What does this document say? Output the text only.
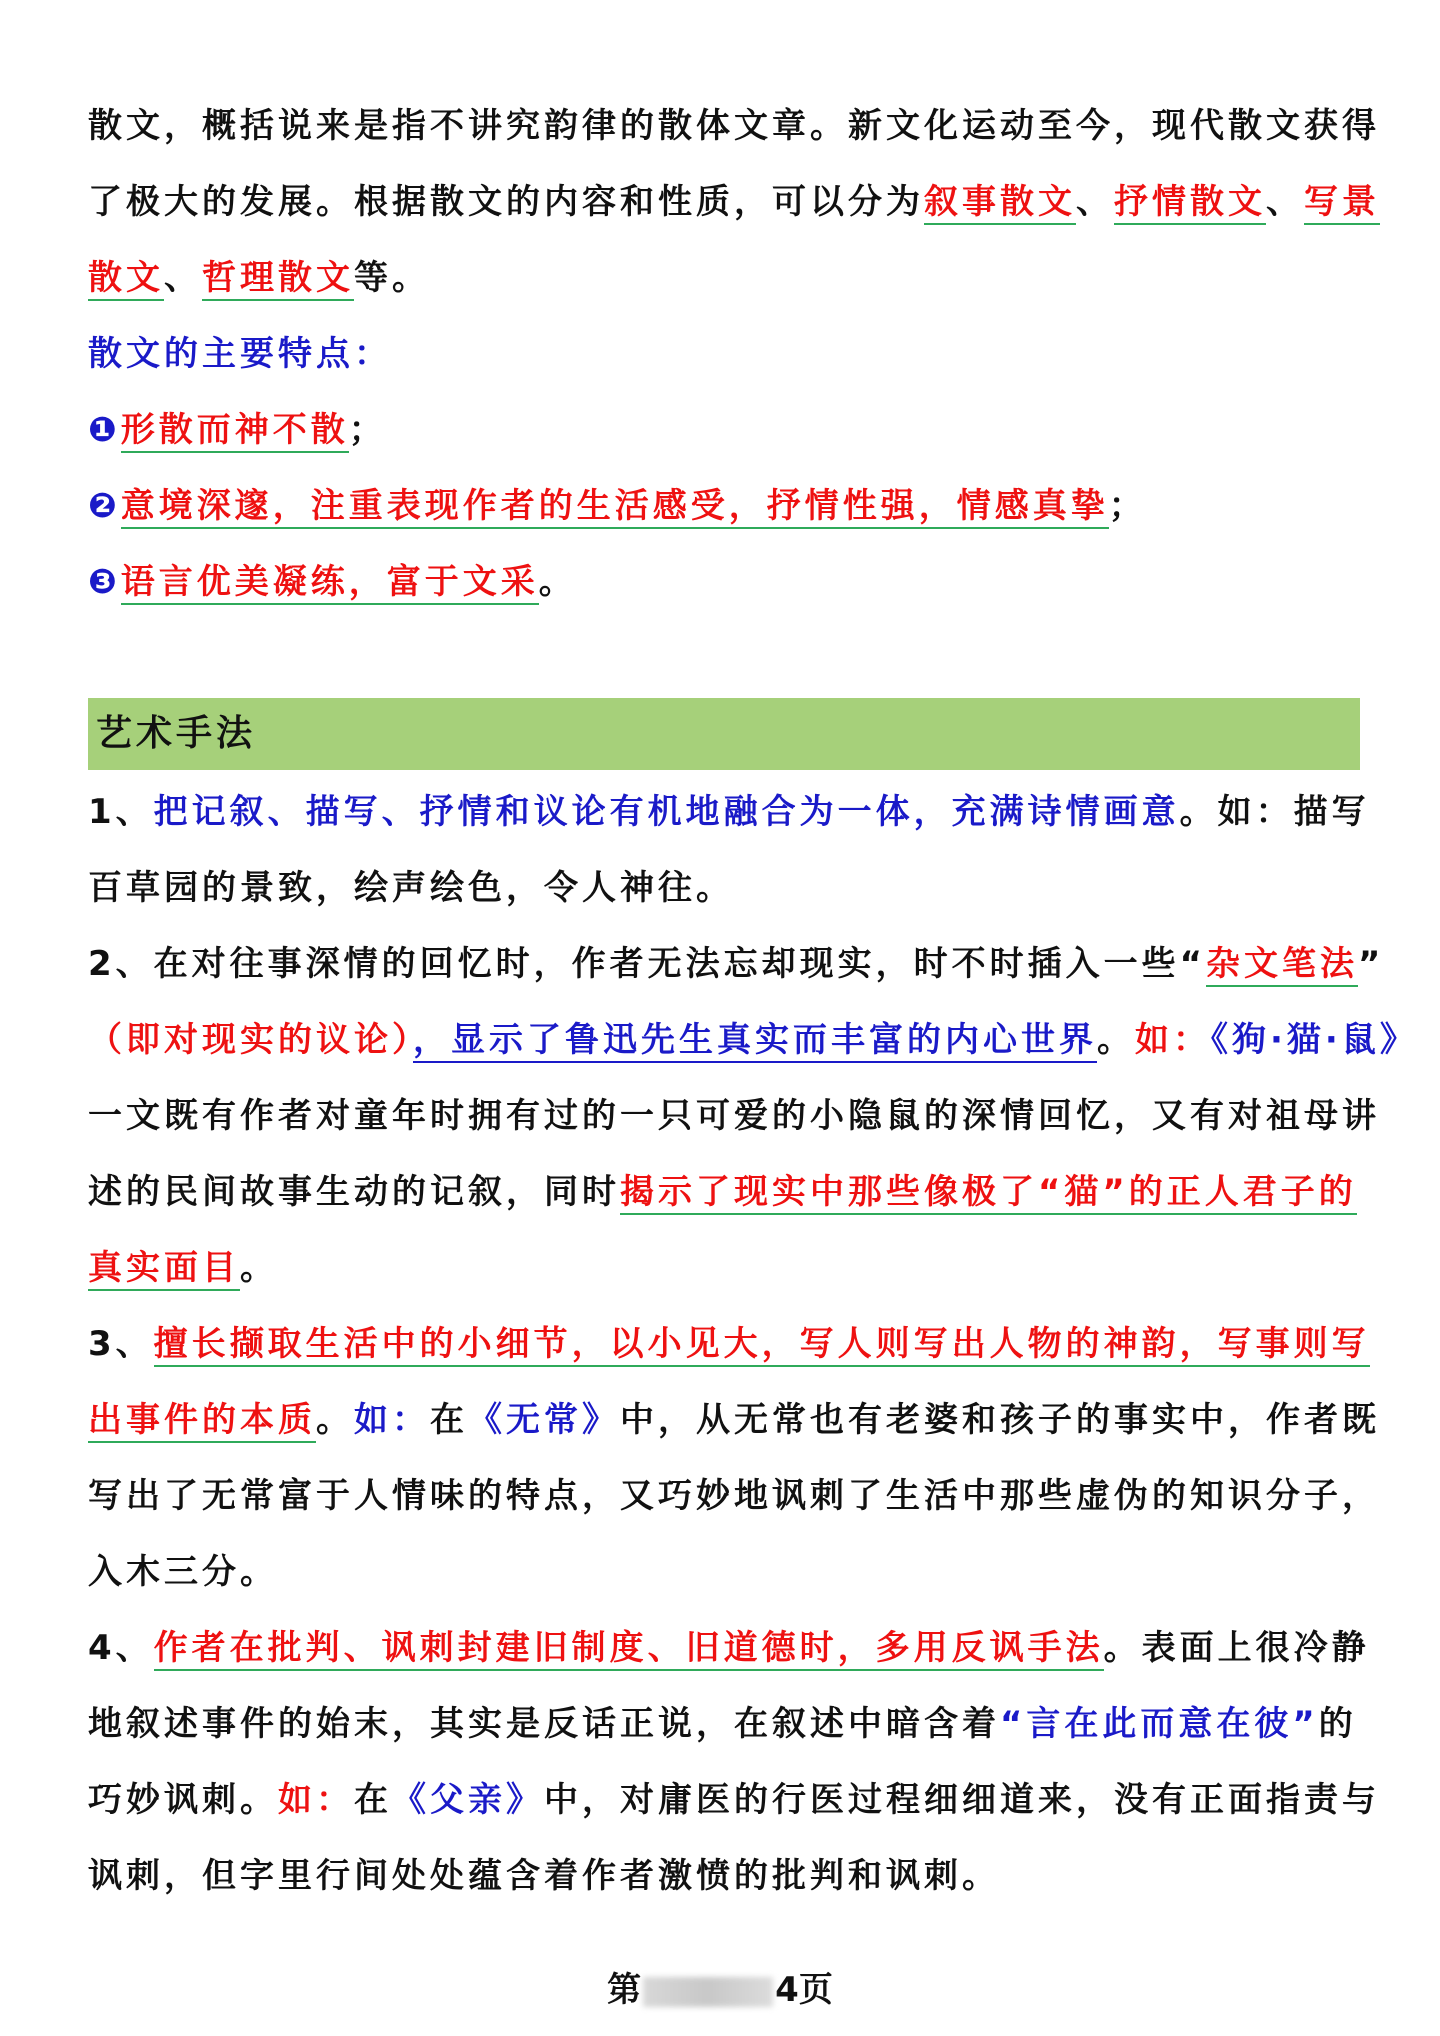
散文，概括说来是指不讲究韵律的散体文章。新文化运动至今，现代散文获得
了极大的发展。根据散文的内容和性质，可以分为叙事散文、抒情散文、写景
散文、哲理散文等。
散文的主要特点：
❶形散而神不散；
❷意境深邃，注重表现作者的生活感受，抒情性强，情感真挚；
❸语言优美凝练，富于文采。
艺术手法
1、把记叙、描写、抒情和议论有机地融合为一体，充满诗情画意。如：描写
百草园的景致，绘声绘色，令人神往。
2、在对往事深情的回忆时，作者无法忘却现实，时不时插入一些“杂文笔法”
（即对现实的议论），显示了鲁迅先生真实而丰富的内心世界。如：《狗·猫·鼠》
一文既有作者对童年时拥有过的一只可爱的小隐鼠的深情回忆，又有对祖母讲
述的民间故事生动的记叙，同时揭示了现实中那些像极了“猫”的正人君子的
真实面目。
3、擅长撷取生活中的小细节，以小见大，写人则写出人物的神韵，写事则写
出事件的本质。如：在《无常》中，从无常也有老婆和孩子的事实中，作者既
写出了无常富于人情味的特点，又巧妙地讽刺了生活中那些虚伪的知识分子，
入木三分。
4、作者在批判、讽刺封建旧制度、旧道德时，多用反讽手法。表面上很冷静
地叙述事件的始末，其实是反话正说，在叙述中暗含着“言在此而意在彼”的
巧妙讽刺。如：在《父亲》中，对庸医的行医过程细细道来，没有正面指责与
讽刺，但字里行间处处蕴含着作者激愤的批判和讽刺。
第	4页
